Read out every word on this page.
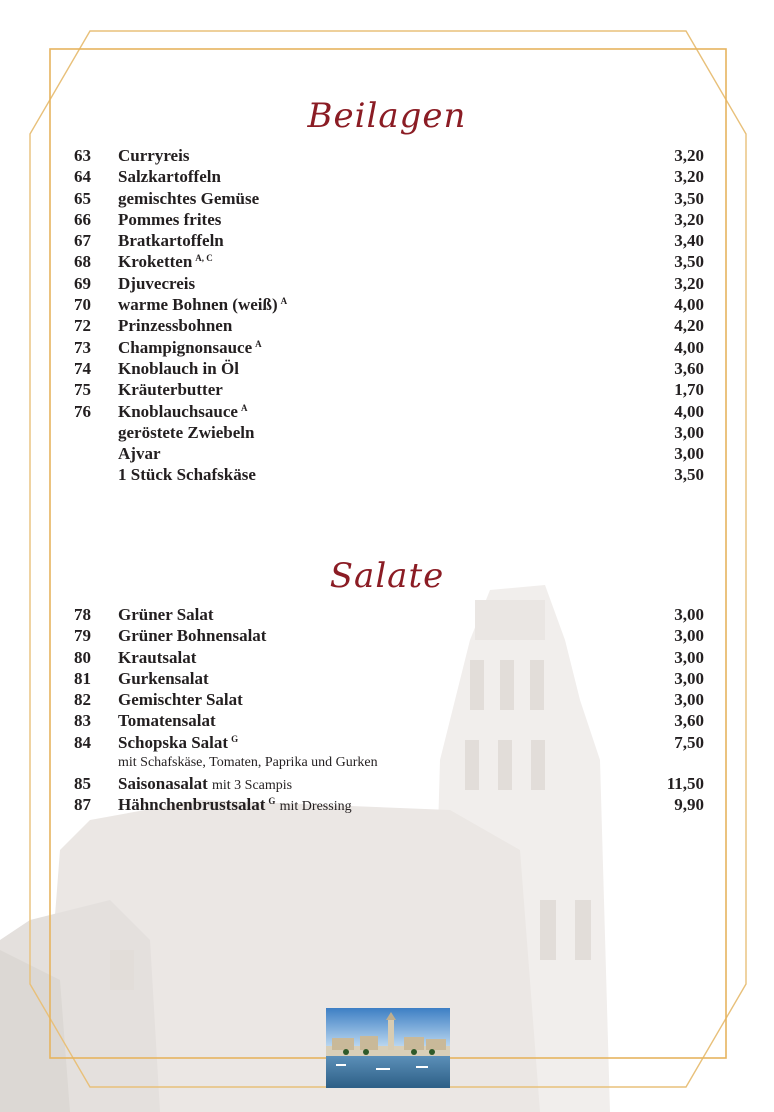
Beilagen
63	Curryreis	3,20
64	Salzkartoffeln	3,20
65	gemischtes Gemüse	3,50
66	Pommes frites	3,20
67	Bratkartoffeln	3,40
68	Kroketten $^{A, C}$	3,50
69	Djuvecreis	3,20
70	warme Bohnen (weiß) $^A$	4,00
72	Prinzessbohnen	4,20
73	Champignonsauce $^A$	4,00
74	Knoblauch in Öl	3,60
75	Kräuterbutter	1,70
76	Knoblauchsauce $^A$	4,00
geröstete Zwiebeln	3,00
Ajvar	3,00
1 Stück Schafskäse	3,50
Salate
78	Grüner Salat	3,00
79	Grüner Bohnensalat	3,00
80	Krautsalat	3,00
81	Gurkensalat	3,00
82	Gemischter Salat	3,00
83	Tomatensalat	3,60
84	Schopska Salat $^G$	7,50
mit Schafskäse, Tomaten, Paprika und Gurken
85	Saisonasalat mit 3 Scampis	11,50
87	Hähnchenbrustsalat $^G$ mit Dressing	9,90
